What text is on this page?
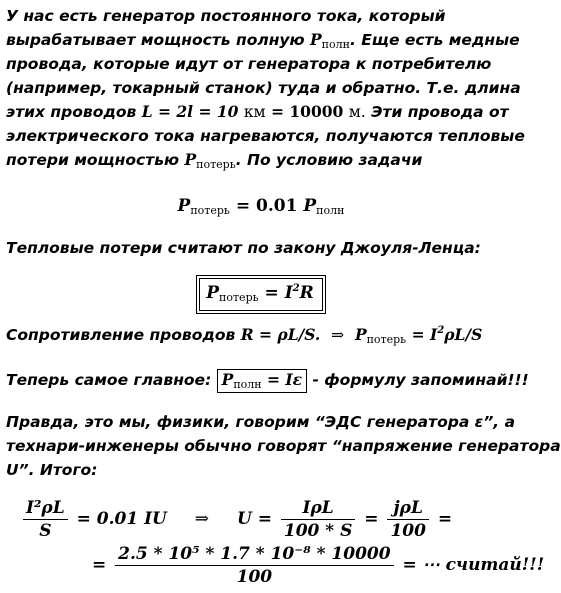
У нас есть генератор постоянного тока, который
вырабатывает мощность полную Pполн. Еще есть медные
провода, которые идут от генератора к потребителю
(например, токарный станок) туда и обратно. Т.е. длина
этих проводов L = 2l = 10 км = 10000 м. Эти провода от
электрического тока нагреваются, получаются тепловые
потери мощностью Pпотерь. По условию задачи
Pпотерь = 0.01 Pполн
Тепловые потери считают по закону Джоуля-Ленца:
Pпотерь = $I^2R$
Сопротивление проводов R = ρL/S. ⇒ Pпотерь = $I^2\rho L/S$
Теперь самое главное: Pполн = Iε - формулу запоминай!!!
Правда, это мы, физики, говорим “ЭДС генератора ε”, а
технари-инженеры обычно говорят “напряжение генератора
U”. Итого:
$\frac{\text{I²ρL}}{S} = 0.01$ IU ⇒ $U = \frac{\text{IρL}}{100 * S} = \frac{\text{jρL}}{100}$ =
= $\frac{\text{2.5 * 10⁵ * 1.7 * 10⁻⁸ * 10000}}{100}$ = ⋯ считай!!!
